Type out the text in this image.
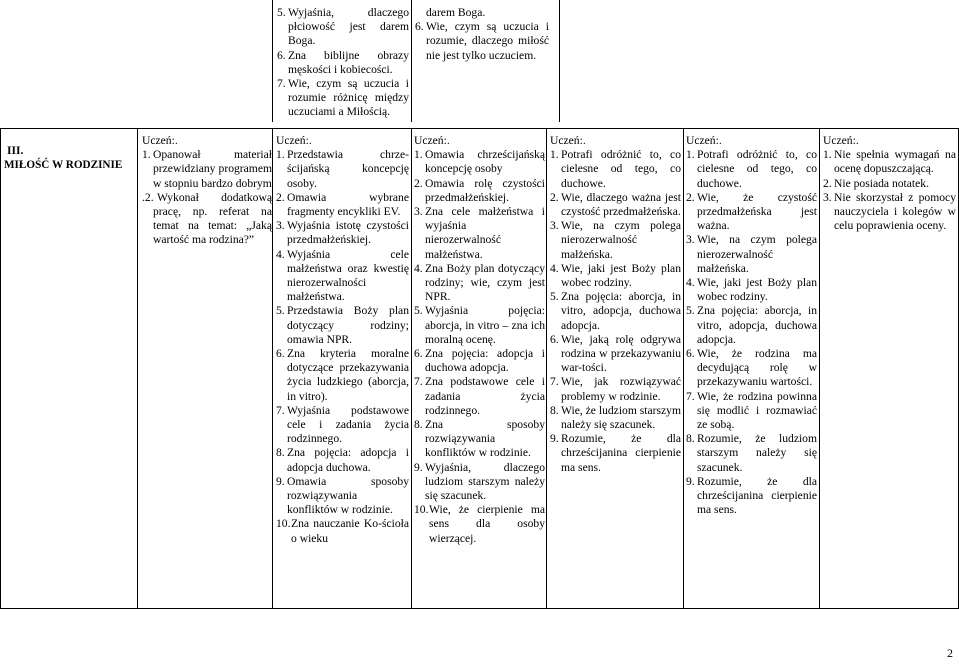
5. Wyjaśnia, dlaczego płciowość jest darem Boga.
6. Zna biblijne obrazy męskości i kobiecości.
7. Wie, czym są uczucia i rozumie różnicę między uczuciami a Miłością.
darem Boga.
6. Wie, czym są uczucia i rozumie, dlaczego miłość nie jest tylko uczuciem.
III.
MIŁOŚĆ W RODZINIE
Uczeń:.
1. Opanował materiał przewidziany programem w stopniu bardzo dobrym
.2. Wykonał dodatkową pracę, np. referat na temat na temat: „Jaką wartość ma rodzina?”
Uczeń:.
1. Przedstawia chrze-ścijańską koncepcję osoby.
2. Omawia wybrane fragmenty encykliki EV.
3. Wyjaśnia istotę czystości przedmałżeńskiej.
4. Wyjaśnia cele małżeństwa oraz kwestię nierozerwalności małżeństwa.
5. Przedstawia Boży plan dotyczący rodziny; omawia NPR.
6. Zna kryteria moralne dotyczące przekazywania życia ludzkiego (aborcja, in vitro).
7. Wyjaśnia podstawowe cele i zadania życia rodzinnego.
8. Zna pojęcia: adopcja i adopcja duchowa.
9. Omawia sposoby rozwiązywania konfliktów w rodzinie.
10. Zna nauczanie Ko-ścioła o wieku
Uczeń:.
1. Omawia chrześcijańską koncepcję osoby
2. Omawia rolę czystości przedmałżeńskiej.
3. Zna cele małżeństwa i wyjaśnia nierozerwalność małżeństwa.
4. Zna Boży plan dotyczący rodziny; wie, czym jest NPR.
5. Wyjaśnia pojęcia: aborcja, in vitro – zna ich moralną ocenę.
6. Zna pojęcia: adopcja i duchowa adopcja.
7. Zna podstawowe cele i zadania życia rodzinnego.
8. Zna sposoby rozwiązywania konfliktów w rodzinie.
9. Wyjaśnia, dlaczego ludziom starszym należy się szacunek.
10. Wie, że cierpienie ma sens dla osoby wierzącej.
Uczeń:.
1. Potrafi odróżnić to, co cielesne od tego, co duchowe.
2. Wie, dlaczego ważna jest czystość przedmałżeńska.
3. Wie, na czym polega nierozerwalność małżeńska.
4. Wie, jaki jest Boży plan wobec rodziny.
5. Zna pojęcia: aborcja, in vitro, adopcja, duchowa adopcja.
6. Wie, jaką rolę odgrywa rodzina w przekazywaniu war-tości.
7. Wie, jak rozwiązywać problemy w rodzinie.
8. Wie, że ludziom starszym należy się szacunek.
9. Rozumie, że dla chrześcijanina cierpienie ma sens.
Uczeń:.
1. Potrafi odróżnić to, co cielesne od tego, co duchowe.
2. Wie, że czystość przedmałżeńska jest ważna.
3. Wie, na czym polega nierozerwalność małżeńska.
4. Wie, jaki jest Boży plan wobec rodziny.
5. Zna pojęcia: aborcja, in vitro, adopcja, duchowa adopcja.
6. Wie, że rodzina ma decydującą rolę w przekazywaniu wartości.
7. Wie, że rodzina powinna się modlić i rozmawiać ze sobą.
8. Rozumie, że ludziom starszym należy się szacunek.
9. Rozumie, że dla chrześcijanina cierpienie ma sens.
Uczeń:.
1. Nie spełnia wymagań na ocenę dopuszczającą.
2. Nie posiada notatek.
3. Nie skorzystał z pomocy nauczyciela i kolegów w celu poprawienia oceny.
2
